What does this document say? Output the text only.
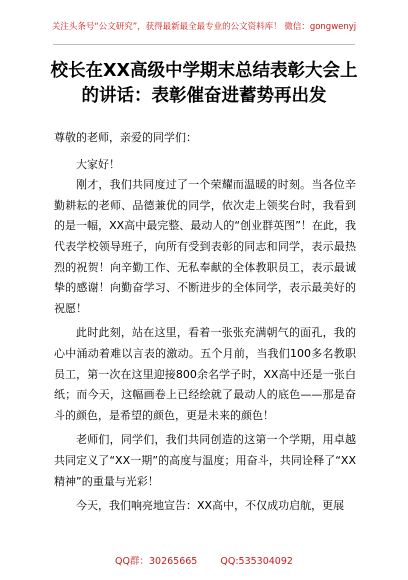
关注头条号“公文研究”，获得最新最全最专业的公文资料库！ 微信：gongwenyj
校长在XX高级中学期末总结表彰大会上
的讲话：表彰催奋进蓄势再出发

尊敬的老师，亲爱的同学们：

大家好！

刚才，我们共同度过了一个荣耀而温暖的时刻。当各位辛勤耕耘的老师、品德兼优的同学，依次走上领奖台时，我看到的是一幅，XX高中最完整、最动人的“创业群英图”！在此，我代表学校领导班子，向所有受到表彰的同志和同学，表示最热烈的祝贺！向辛勤工作、无私奉献的全体教职员工，表示最诚挚的感谢！向勤奋学习、不断进步的全体同学，表示最美好的祝愿！

此时此刻，站在这里，看着一张张充满朝气的面孔，我的心中涌动着难以言表的激动。五个月前，当我们100多名教职员工，第一次在这里迎接800余名学子时，XX高中还是一张白纸；而今天，这幅画卷上已经绘就了最动人的底色——那是奋斗的颜色，是希望的颜色，更是未来的颜色！

老师们，同学们，我们共同创造的这第一个学期，用卓越共同定义了“XX一期”的高度与温度；用奋斗，共同诠释了“XX精神”的重量与光彩！

今天，我们响亮地宣告：XX高中，不仅成功启航，更展

QQ群：30265665 QQ:535304092
